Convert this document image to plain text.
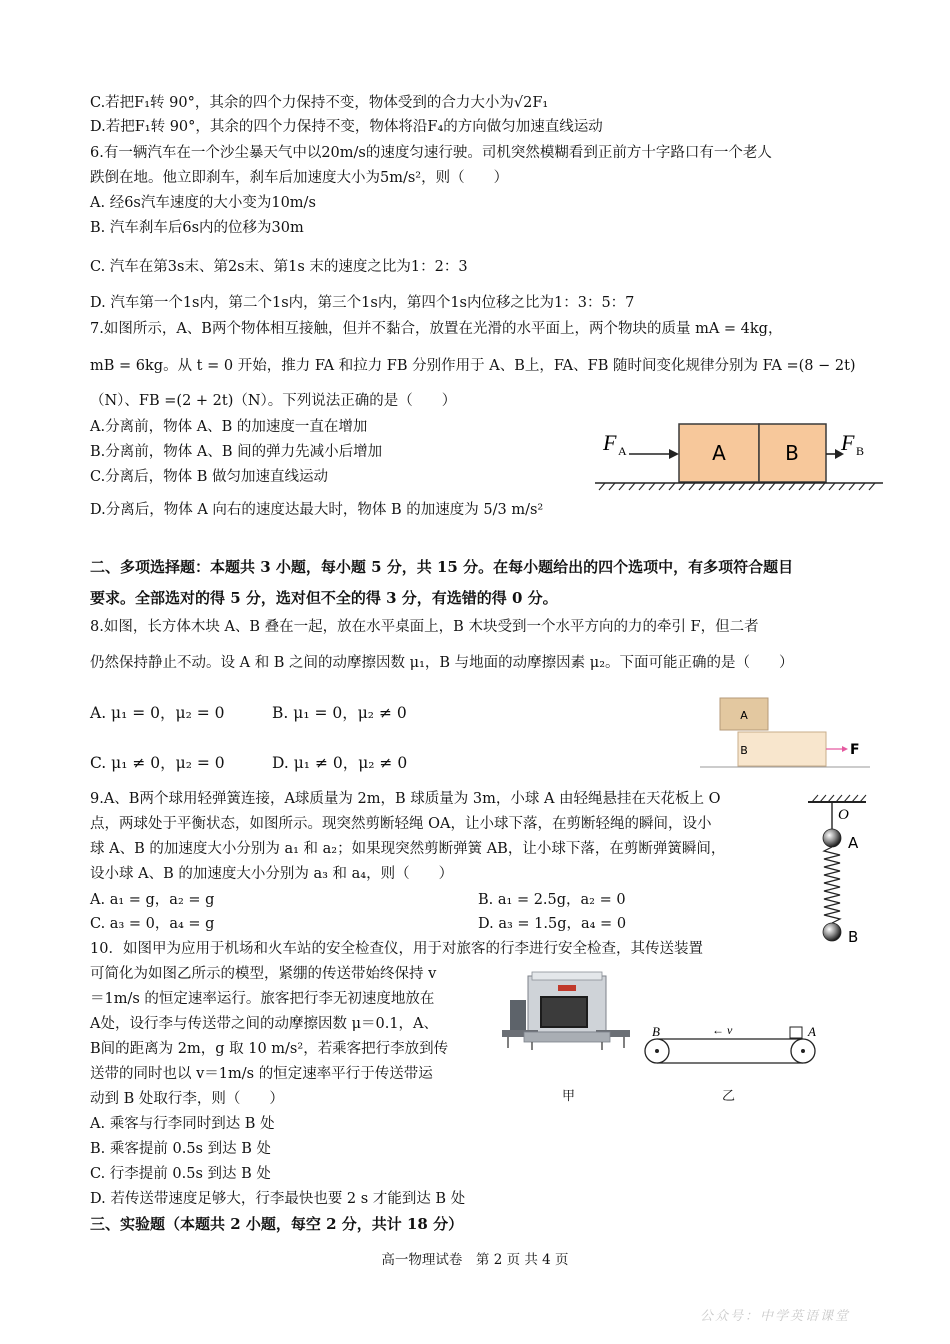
C.若把F₁转 90°，其余的四个力保持不变，物体受到的合力大小为√2F₁
D.若把F₁转 90°，其余的四个力保持不变，物体将沿F₄的方向做匀加速直线运动
6.有一辆汽车在一个沙尘暴天气中以20m/s的速度匀速行驶。司机突然模糊看到正前方十字路口有一个老人
跌倒在地。他立即刹车，刹车后加速度大小为5m/s²，则（　　）
A. 经6s汽车速度的大小变为10m/s
B. 汽车刹车后6s内的位移为30m
C. 汽车在第3s末、第2s末、第1s 末的速度之比为1：2：3
D. 汽车第一个1s内，第二个1s内，第三个1s内，第四个1s内位移之比为1：3：5：7
7.如图所示，A、B两个物体相互接触，但并不黏合，放置在光滑的水平面上，两个物块的质量 mA = 4kg，
mB = 6kg。从 t = 0 开始，推力 FA 和拉力 FB 分别作用于 A、B上，FA、FB 随时间变化规律分别为 FA =(8 − 2t)
（N）、FB =(2 + 2t)（N）。下列说法正确的是（　　）
A.分离前，物体 A、B 的加速度一直在增加
B.分离前，物体 A、B 间的弹力先减小后增加
C.分离后，物体 B 做匀加速直线运动
D.分离后，物体 A 向右的速度达最大时，物体 B 的加速度为 5/3 m/s²
F A	A	B F B
二、多项选择题：本题共 3 小题，每小题 5 分，共 15 分。在每小题给出的四个选项中，有多项符合题目
要求。全部选对的得 5 分，选对但不全的得 3 分，有选错的得 0 分。
8.如图，长方体木块 A、B 叠在一起，放在水平桌面上，B 木块受到一个水平方向的力的牵引 F，但二者
仍然保持静止不动。设 A 和 B 之间的动摩擦因数 μ₁，B 与地面的动摩擦因素 μ₂。下面可能正确的是（　　）
A. μ₁ = 0，μ₂ = 0	B. μ₁ = 0，μ₂ ≠ 0
C. μ₁ ≠ 0，μ₂ = 0	D. μ₁ ≠ 0，μ₂ ≠ 0
A
B	F
9.A、B两个球用轻弹簧连接，A球质量为 2m，B 球质量为 3m，小球 A 由轻绳悬挂在天花板上 O
点，两球处于平衡状态，如图所示。现突然剪断轻绳 OA，让小球下落，在剪断轻绳的瞬间，设小
球 A、B 的加速度大小分别为 a₁ 和 a₂；如果现突然剪断弹簧 AB，让小球下落，在剪断弹簧瞬间，
设小球 A、B 的加速度大小分别为 a₃ 和 a₄，则（　　）
A. a₁ = g，a₂ = g	B. a₁ = 2.5g，a₂ = 0
C. a₃ = 0，a₄ = g	D. a₃ = 1.5g，a₄ = 0
O
A
B
10．如图甲为应用于机场和火车站的安全检查仪，用于对旅客的行李进行安全检查，其传送装置
可简化为如图乙所示的模型，紧绷的传送带始终保持 v
＝1m/s 的恒定速率运行。旅客把行李无初速度地放在
A处，设行李与传送带之间的动摩擦因数 μ＝0.1，A、
B间的距离为 2m，g 取 10 m/s²，若乘客把行李放到传
送带的同时也以 v＝1m/s 的恒定速率平行于传送带运
动到 B 处取行李，则（　　）
A. 乘客与行李同时到达 B 处
B. 乘客提前 0.5s 到达 B 处
C. 行李提前 0.5s 到达 B 处
D. 若传送带速度足够大，行李最快也要 2 s 才能到达 B 处
甲
B	← v	A
乙
三、实验题（本题共 2 小题，每空 2 分，共计 18 分）
高一物理试卷　第 2 页 共 4 页
公众号：中学英语课堂
